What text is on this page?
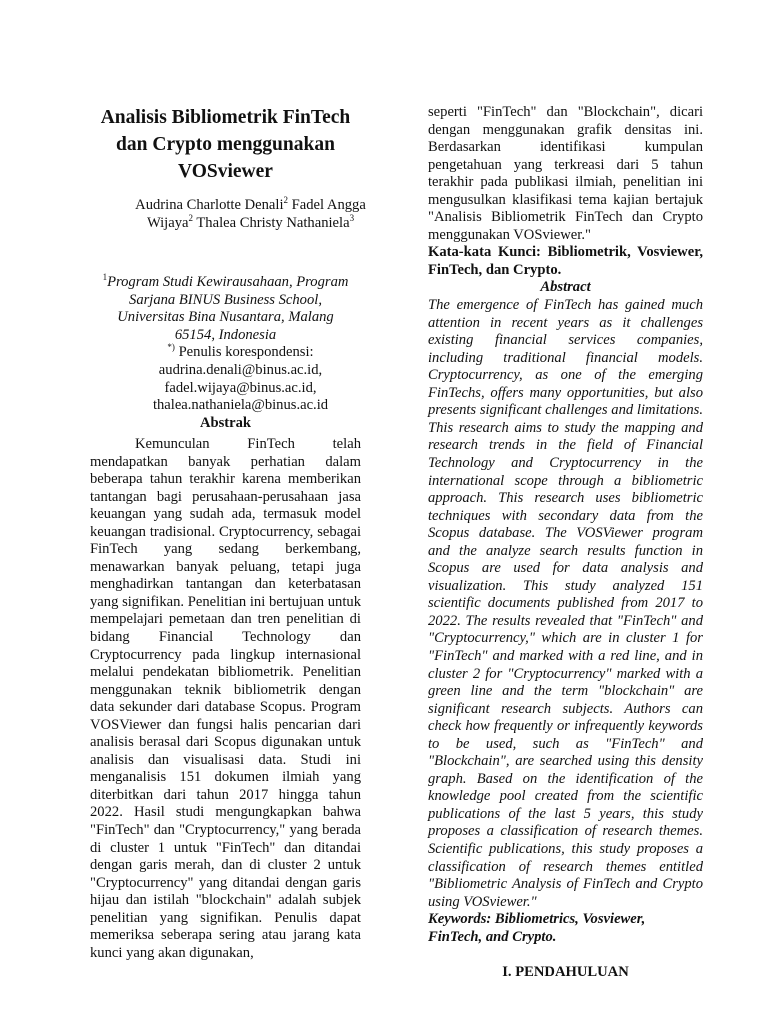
Analisis Bibliometrik FinTech dan Crypto menggunakan VOSviewer
Audrina Charlotte Denali$^2$ Fadel Angga Wijaya$^2$ Thalea Christy Nathaniela$^3$
$^1$Program Studi Kewirausahaan, Program Sarjana BINUS Business School, Universitas Bina Nusantara, Malang 65154, Indonesia
*) Penulis korespondensi:
audrina.denali@binus.ac.id,
fadel.wijaya@binus.ac.id,
thalea.nathaniela@binus.ac.id
Abstrak

Kemunculan FinTech telah mendapatkan banyak perhatian dalam beberapa tahun terakhir karena memberikan tantangan bagi perusahaan-perusahaan jasa keuangan yang sudah ada, termasuk model keuangan tradisional. Cryptocurrency, sebagai FinTech yang sedang berkembang, menawarkan banyak peluang, tetapi juga menghadirkan tantangan dan keterbatasan yang signifikan. Penelitian ini bertujuan untuk mempelajari pemetaan dan tren penelitian di bidang Financial Technology dan Cryptocurrency pada lingkup internasional melalui pendekatan bibliometrik. Penelitian menggunakan teknik bibliometrik dengan data sekunder dari database Scopus. Program VOSViewer dan fungsi halis pencarian dari analisis berasal dari Scopus digunakan untuk analisis dan visualisasi data. Studi ini menganalisis 151 dokumen ilmiah yang diterbitkan dari tahun 2017 hingga tahun 2022. Hasil studi mengungkapkan bahwa "FinTech" dan "Cryptocurrency," yang berada di cluster 1 untuk "FinTech" dan ditandai dengan garis merah, dan di cluster 2 untuk "Cryptocurrency" yang ditandai dengan garis hijau dan istilah "blockchain" adalah subjek penelitian yang signifikan. Penulis dapat memeriksa seberapa sering atau jarang kata kunci yang akan digunakan,

seperti "FinTech" dan "Blockchain", dicari dengan menggunakan grafik densitas ini. Berdasarkan identifikasi kumpulan pengetahuan yang terkreasi dari 5 tahun terakhir pada publikasi ilmiah, penelitian ini mengusulkan klasifikasi tema kajian bertajuk "Analisis Bibliometrik FinTech dan Crypto menggunakan VOSviewer."

Kata-kata Kunci: Bibliometrik, Vosviewer, FinTech, dan Crypto.

Abstract

The emergence of FinTech has gained much attention in recent years as it challenges existing financial services companies, including traditional financial models. Cryptocurrency, as one of the emerging FinTechs, offers many opportunities, but also presents significant challenges and limitations. This research aims to study the mapping and research trends in the field of Financial Technology and Cryptocurrency in the international scope through a bibliometric approach. This research uses bibliometric techniques with secondary data from the Scopus database. The VOSViewer program and the analyze search results function in Scopus are used for data analysis and visualization. This study analyzed 151 scientific documents published from 2017 to 2022. The results revealed that "FinTech" and "Cryptocurrency," which are in cluster 1 for "FinTech" and marked with a red line, and in cluster 2 for "Cryptocurrency" marked with a green line and the term "blockchain" are significant research subjects. Authors can check how frequently or infrequently keywords to be used, such as "FinTech" and "Blockchain", are searched using this density graph. Based on the identification of the knowledge pool created from the scientific publications of the last 5 years, this study proposes a classification of research themes. Scientific publications, this study proposes a classification of research themes entitled "Bibliometric Analysis of FinTech and Crypto using VOSviewer."

Keywords: Bibliometrics, Vosviewer, FinTech, and Crypto.

I. PENDAHULUAN
